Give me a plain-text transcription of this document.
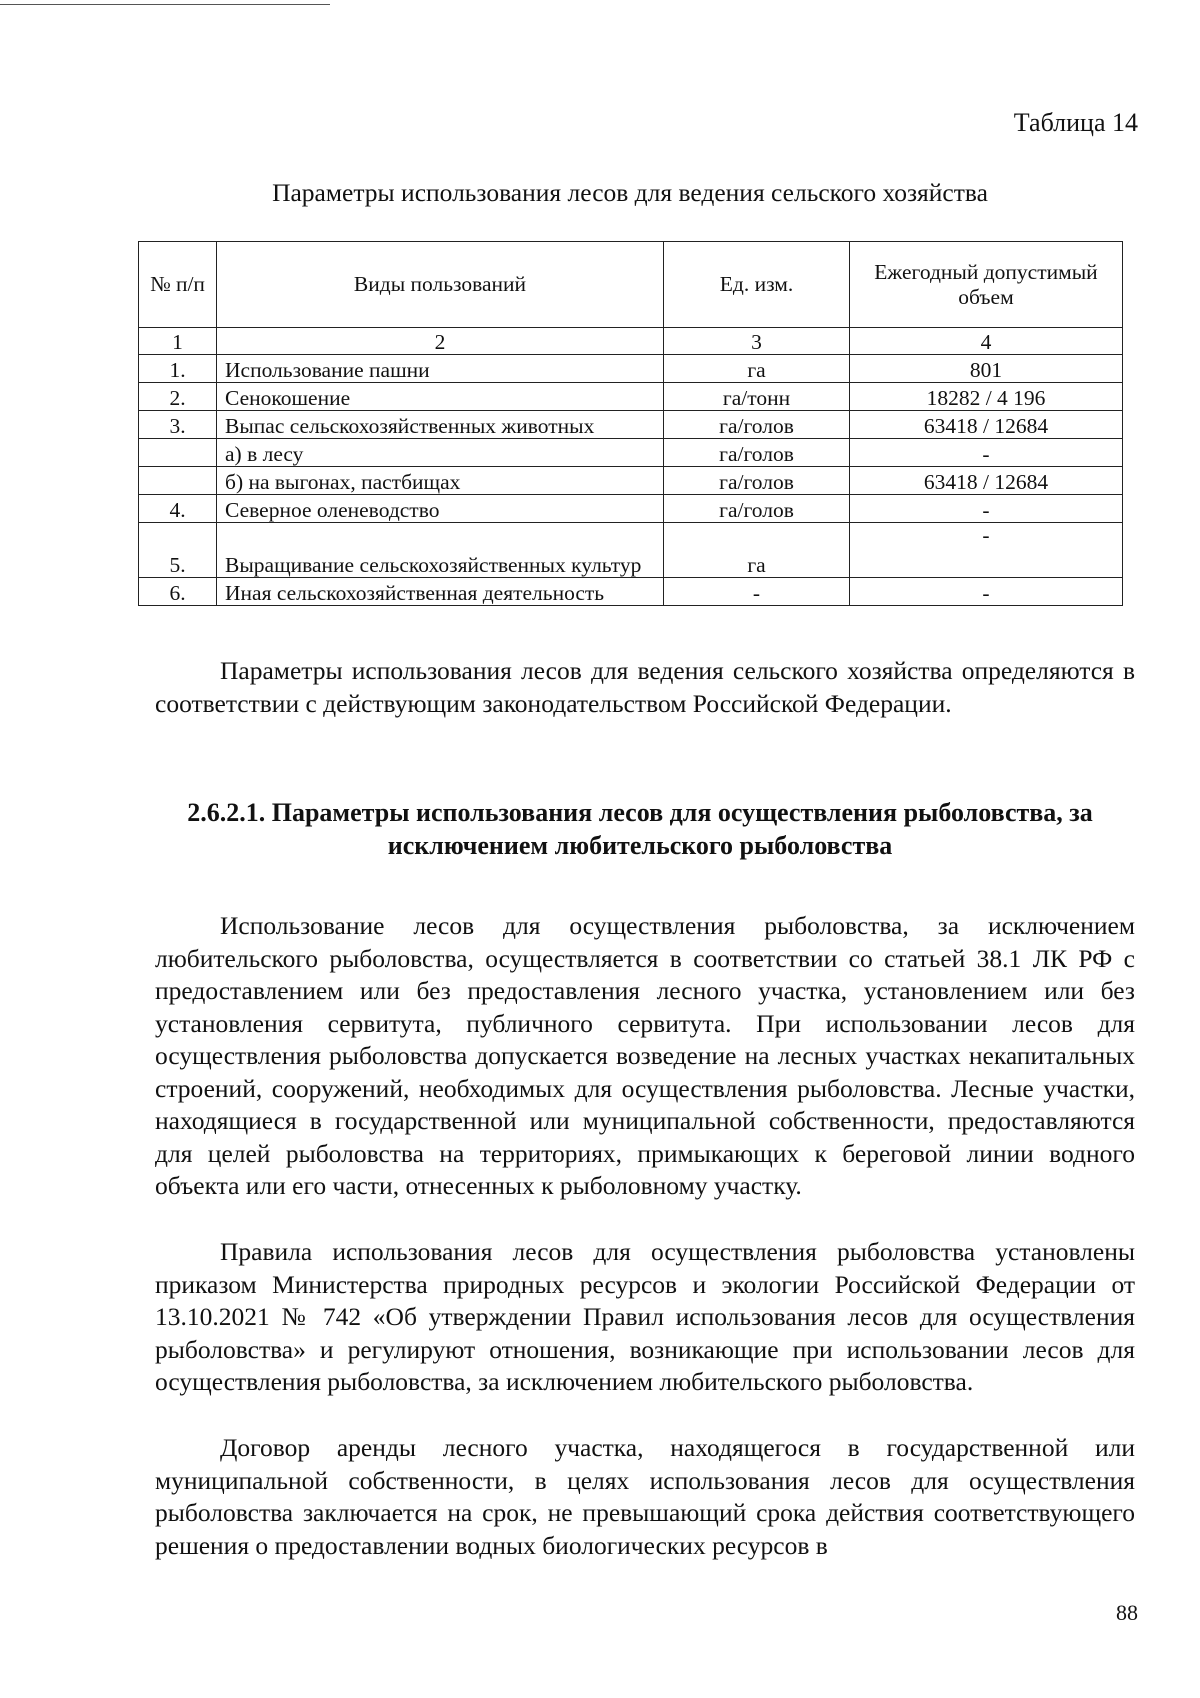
Таблица 14
Параметры использования лесов для ведения сельского хозяйства
№ п/п	Виды пользований	Ед. изм.	Ежегодный допустимый объем
1	2	3	4
1.	Использование пашни	га	801
2.	Сенокошение	га/тонн	18282 / 4 196
3.	Выпас сельскохозяйственных животных	га/голов	63418 / 12684
	а) в лесу	га/голов	-
	б) на выгонах, пастбищах	га/голов	63418 / 12684
4.	Северное оленеводство	га/голов	-
5.	Выращивание сельскохозяйственных культур	га	-
6.	Иная сельскохозяйственная деятельность	-	-

Параметры использования лесов для ведения сельского хозяйства определяются в соответствии с действующим законодательством Российской Федерации.

2.6.2.1. Параметры использования лесов для осуществления рыболовства, за исключением любительского рыболовства

Использование лесов для осуществления рыболовства, за исключением любительского рыболовства, осуществляется в соответствии со статьей 38.1 ЛК РФ с предоставлением или без предоставления лесного участка, установлением или без установления сервитута, публичного сервитута. При использовании лесов для осуществления рыболовства допускается возведение на лесных участках некапитальных строений, сооружений, необходимых для осуществления рыболовства. Лесные участки, находящиеся в государственной или муниципальной собственности, предоставляются для целей рыболовства на территориях, примыкающих к береговой линии водного объекта или его части, отнесенных к рыболовному участку.

Правила использования лесов для осуществления рыболовства установлены приказом Министерства природных ресурсов и экологии Российской Федерации от 13.10.2021 № 742 «Об утверждении Правил использования лесов для осуществления рыболовства» и регулируют отношения, возникающие при использовании лесов для осуществления рыболовства, за исключением любительского рыболовства.

Договор аренды лесного участка, находящегося в государственной или муниципальной собственности, в целях использования лесов для осуществления рыболовства заключается на срок, не превышающий срока действия соответствующего решения о предоставлении водных биологических ресурсов в

88
